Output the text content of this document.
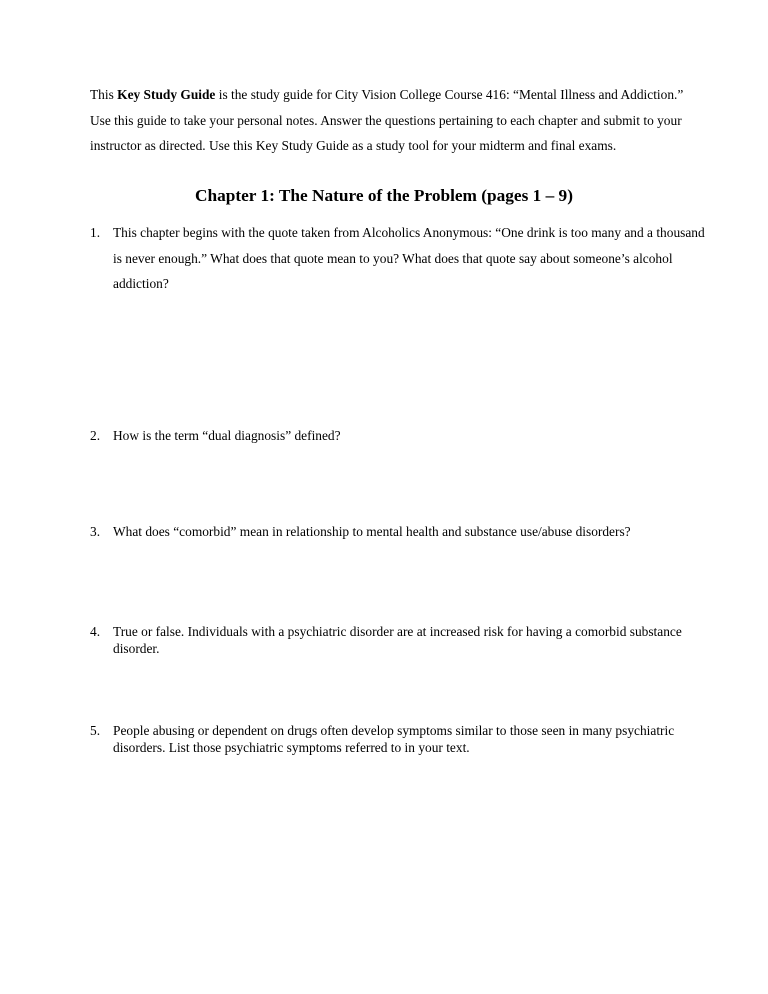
This Key Study Guide is the study guide for City Vision College Course 416: “Mental Illness and Addiction.” Use this guide to take your personal notes. Answer the questions pertaining to each chapter and submit to your instructor as directed. Use this Key Study Guide as a study tool for your midterm and final exams.

Chapter 1: The Nature of the Problem (pages 1 – 9)
1. This chapter begins with the quote taken from Alcoholics Anonymous: “One drink is too many and a thousand is never enough.” What does that quote mean to you? What does that quote say about someone’s alcohol addiction?
2. How is the term “dual diagnosis” defined?
3. What does “comorbid” mean in relationship to mental health and substance use/abuse disorders?
4. True or false. Individuals with a psychiatric disorder are at increased risk for having a comorbid substance disorder.
5. People abusing or dependent on drugs often develop symptoms similar to those seen in many psychiatric disorders. List those psychiatric symptoms referred to in your text.
